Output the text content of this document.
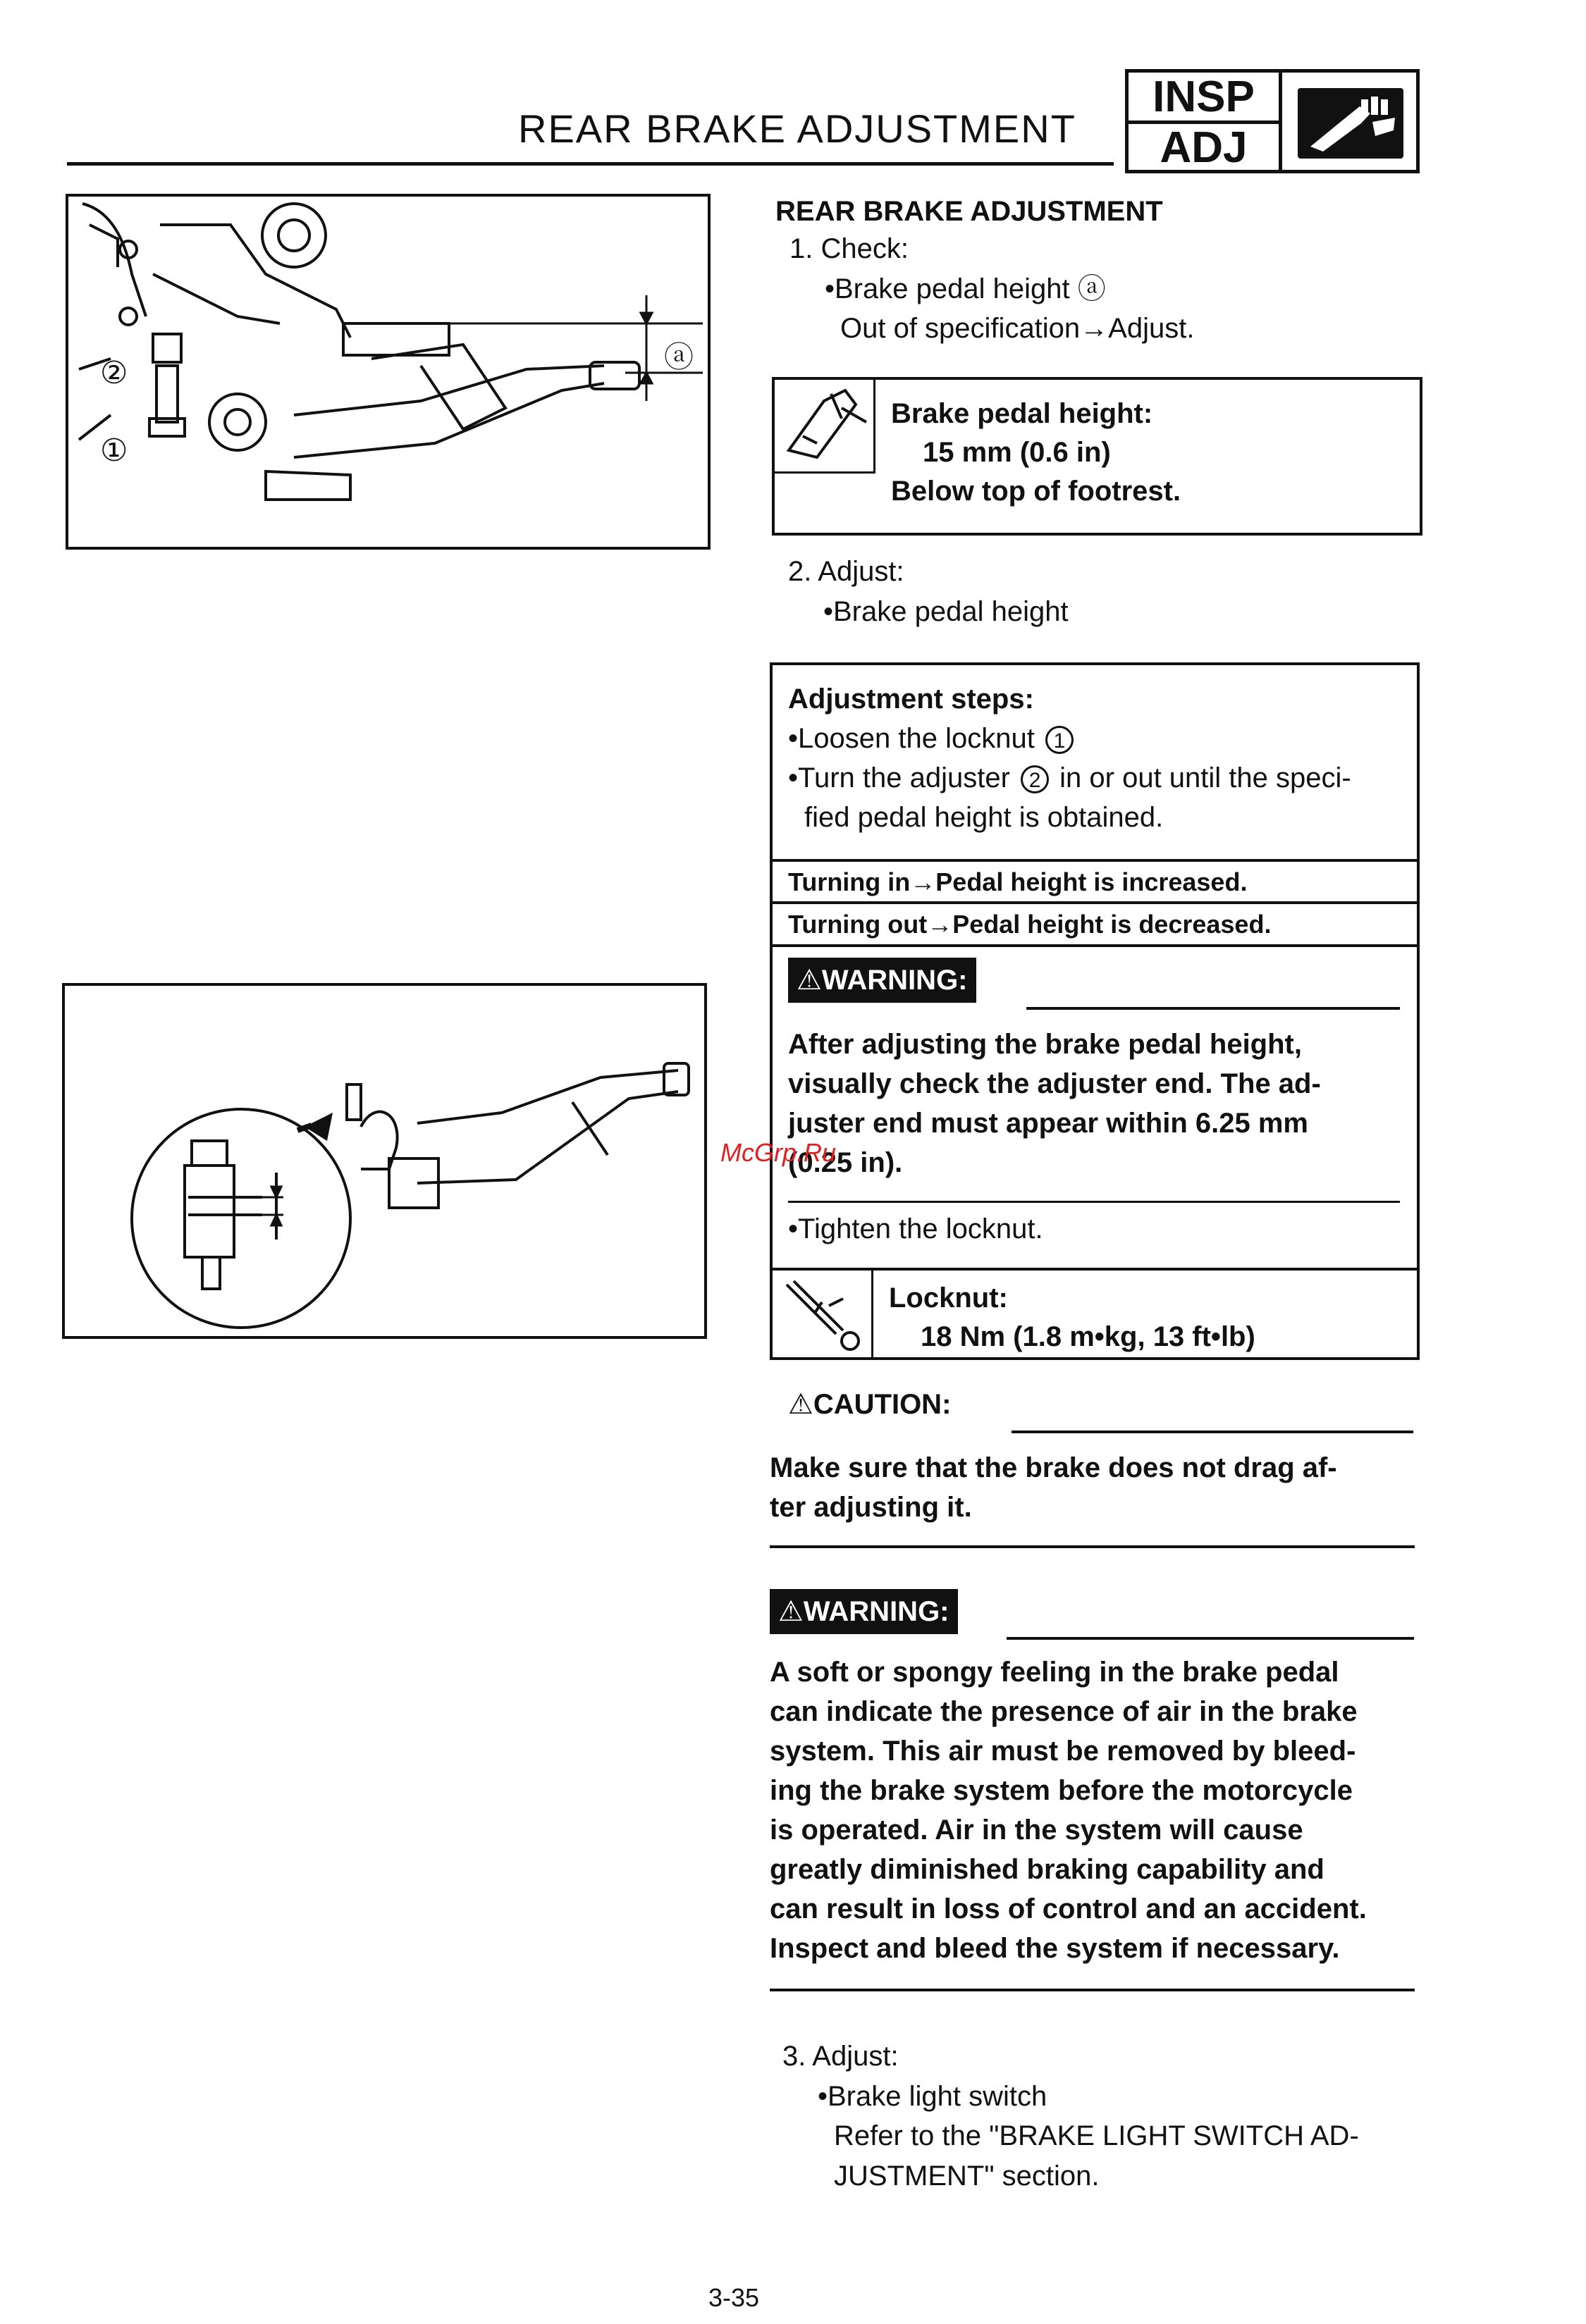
REAR BRAKE ADJUSTMENT
INSP
ADJ
ⓐ
②
①
REAR BRAKE ADJUSTMENT
1. Check:
•Brake pedal height ⓐ
Out of specification→Adjust.
Brake pedal height:
15 mm (0.6 in)
Below top of footrest.
2. Adjust:
•Brake pedal height
Adjustment steps:
•Loosen the locknut 1
•Turn the adjuster 2 in or out until the speci-
fied pedal height is obtained.
Turning in→Pedal height is increased.
Turning out→Pedal height is decreased.
⚠WARNING:
After adjusting the brake pedal height,
visually check the adjuster end. The ad-
juster end must appear within 6.25 mm
(0.25 in).
•Tighten the locknut.
Locknut:
18 Nm (1.8 m•kg, 13 ft•lb)
⚠CAUTION:
Make sure that the brake does not drag af-
ter adjusting it.
⚠WARNING:
A soft or spongy feeling in the brake pedal
can indicate the presence of air in the brake
system. This air must be removed by bleed-
ing the brake system before the motorcycle
is operated. Air in the system will cause
greatly diminished braking capability and
can result in loss of control and an accident.
Inspect and bleed the system if necessary.
3. Adjust:
•Brake light switch
Refer to the "BRAKE LIGHT SWITCH AD-
JUSTMENT" section.
McGrp.Ru
3-35
